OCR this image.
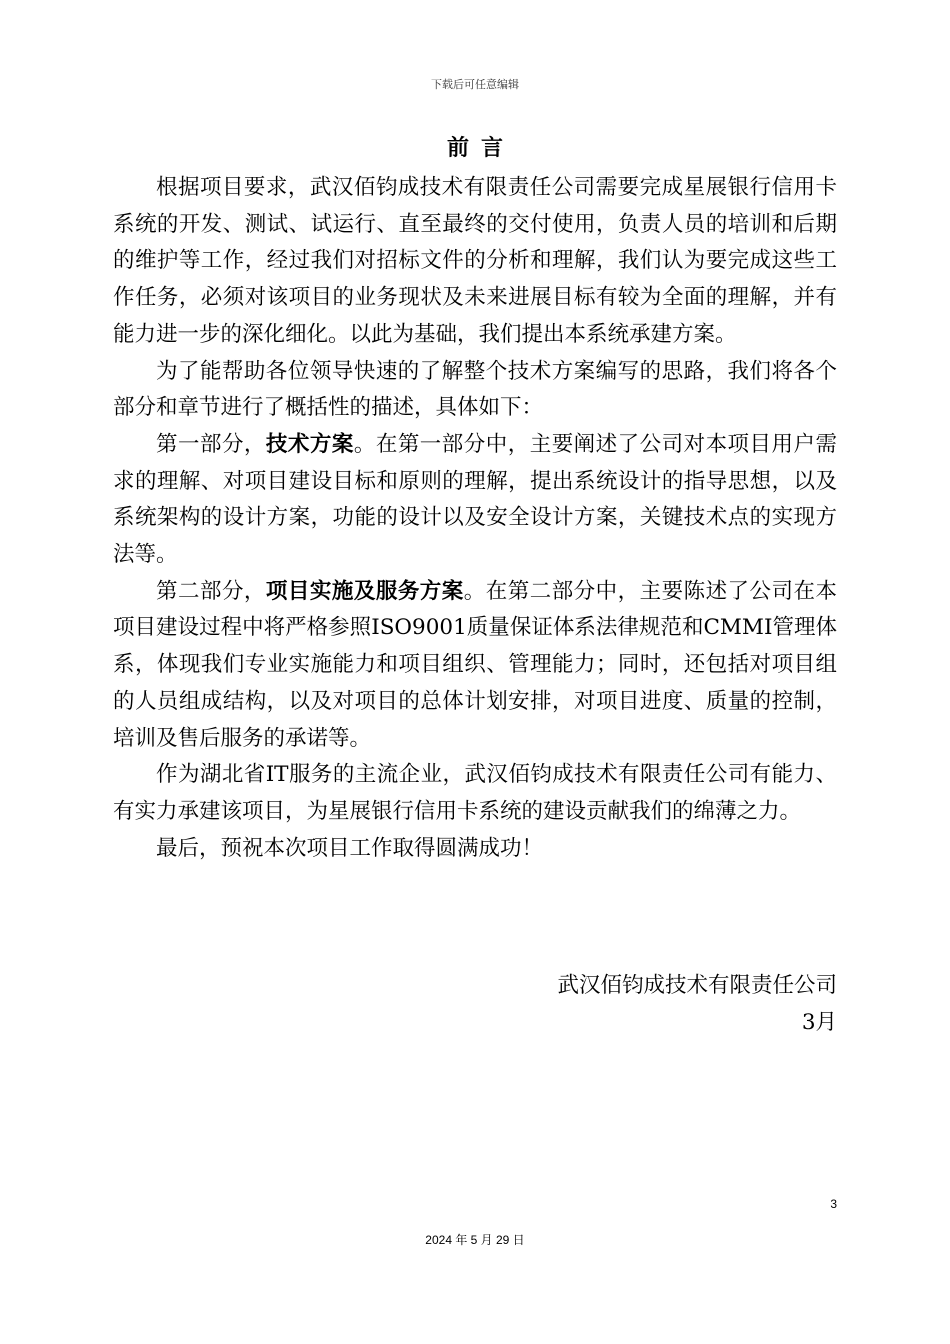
下载后可任意编辑
前言

根据项目要求，武汉佰钧成技术有限责任公司需要完成星展银行信用卡系统的开发、测试、试运行、直至最终的交付使用，负责人员的培训和后期的维护等工作，经过我们对招标文件的分析和理解，我们认为要完成这些工作任务，必须对该项目的业务现状及未来进展目标有较为全面的理解，并有能力进一步的深化细化。以此为基础，我们提出本系统承建方案。

为了能帮助各位领导快速的了解整个技术方案编写的思路，我们将各个部分和章节进行了概括性的描述，具体如下：

第一部分，技术方案。在第一部分中，主要阐述了公司对本项目用户需求的理解、对项目建设目标和原则的理解，提出系统设计的指导思想，以及系统架构的设计方案，功能的设计以及安全设计方案，关键技术点的实现方法等。

第二部分，项目实施及服务方案。在第二部分中，主要陈述了公司在本项目建设过程中将严格参照ISO9001质量保证体系法律规范和CMMI管理体系，体现我们专业实施能力和项目组织、管理能力；同时，还包括对项目组的人员组成结构，以及对项目的总体计划安排，对项目进度、质量的控制，培训及售后服务的承诺等。

作为湖北省IT服务的主流企业，武汉佰钧成技术有限责任公司有能力、有实力承建该项目，为星展银行信用卡系统的建设贡献我们的绵薄之力。

最后，预祝本次项目工作取得圆满成功！

武汉佰钧成技术有限责任公司
3月
3
2024 年 5 月 29 日
